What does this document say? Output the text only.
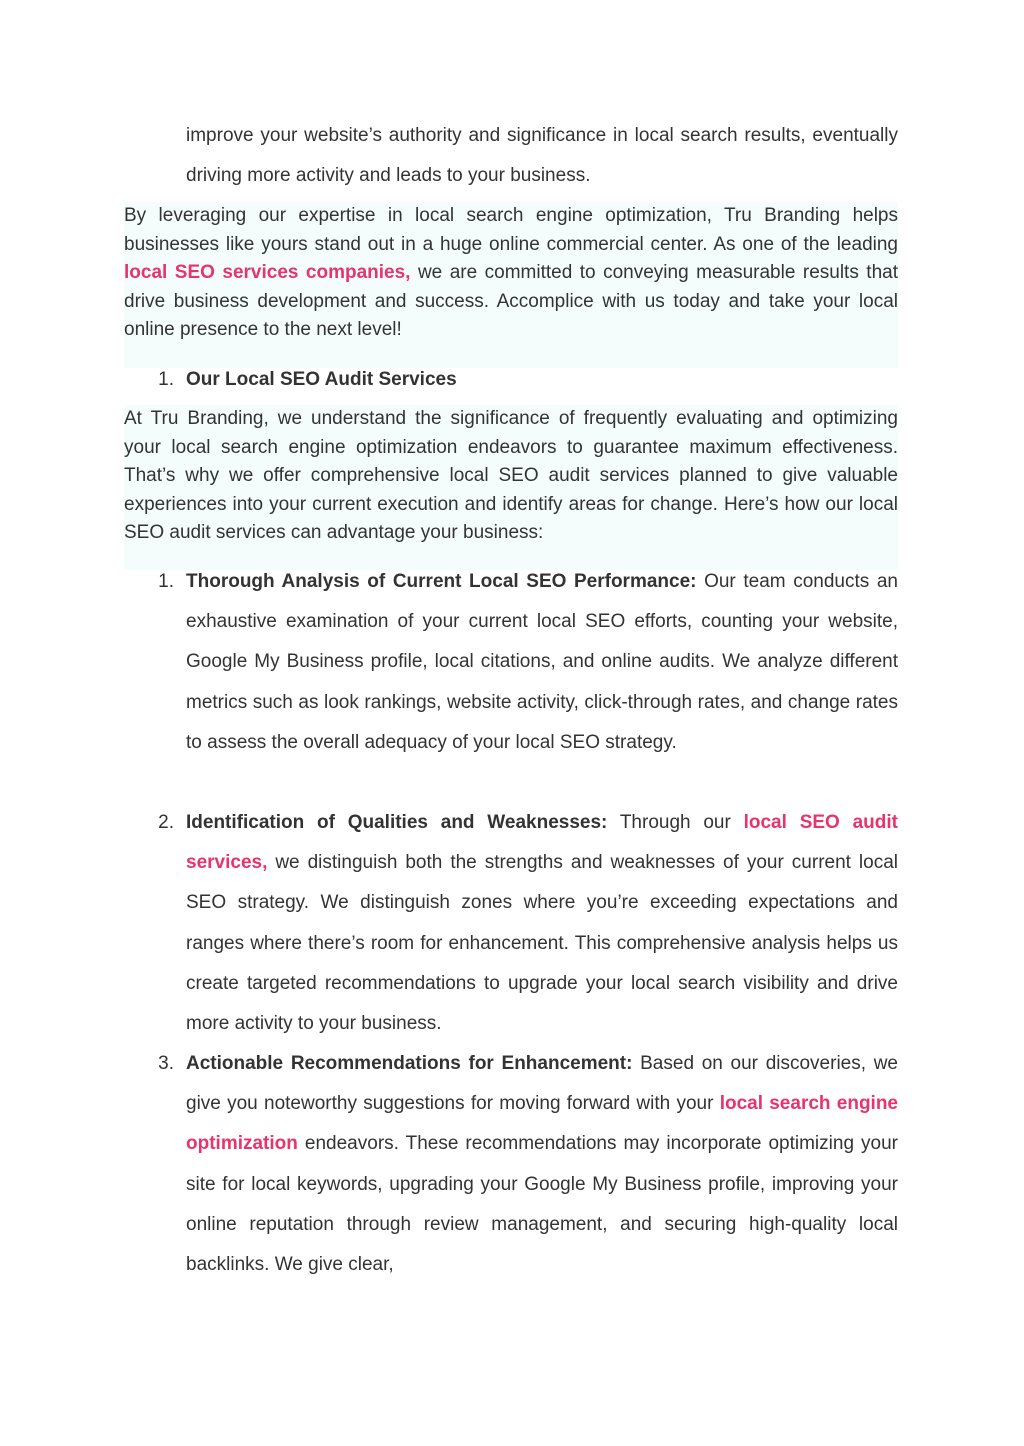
improve your website’s authority and significance in local search results, eventually driving more activity and leads to your business.
By leveraging our expertise in local search engine optimization, Tru Branding helps businesses like yours stand out in a huge online commercial center. As one of the leading local SEO services companies, we are committed to conveying measurable results that drive business development and success. Accomplice with us today and take your local online presence to the next level!
1. Our Local SEO Audit Services
At Tru Branding, we understand the significance of frequently evaluating and optimizing your local search engine optimization endeavors to guarantee maximum effectiveness. That’s why we offer comprehensive local SEO audit services planned to give valuable experiences into your current execution and identify areas for change. Here’s how our local SEO audit services can advantage your business:
1. Thorough Analysis of Current Local SEO Performance: Our team conducts an exhaustive examination of your current local SEO efforts, counting your website, Google My Business profile, local citations, and online audits. We analyze different metrics such as look rankings, website activity, click-through rates, and change rates to assess the overall adequacy of your local SEO strategy.
2. Identification of Qualities and Weaknesses: Through our local SEO audit services, we distinguish both the strengths and weaknesses of your current local SEO strategy. We distinguish zones where you’re exceeding expectations and ranges where there’s room for enhancement. This comprehensive analysis helps us create targeted recommendations to upgrade your local search visibility and drive more activity to your business.
3. Actionable Recommendations for Enhancement: Based on our discoveries, we give you noteworthy suggestions for moving forward with your local search engine optimization endeavors. These recommendations may incorporate optimizing your site for local keywords, upgrading your Google My Business profile, improving your online reputation through review management, and securing high-quality local backlinks. We give clear,
